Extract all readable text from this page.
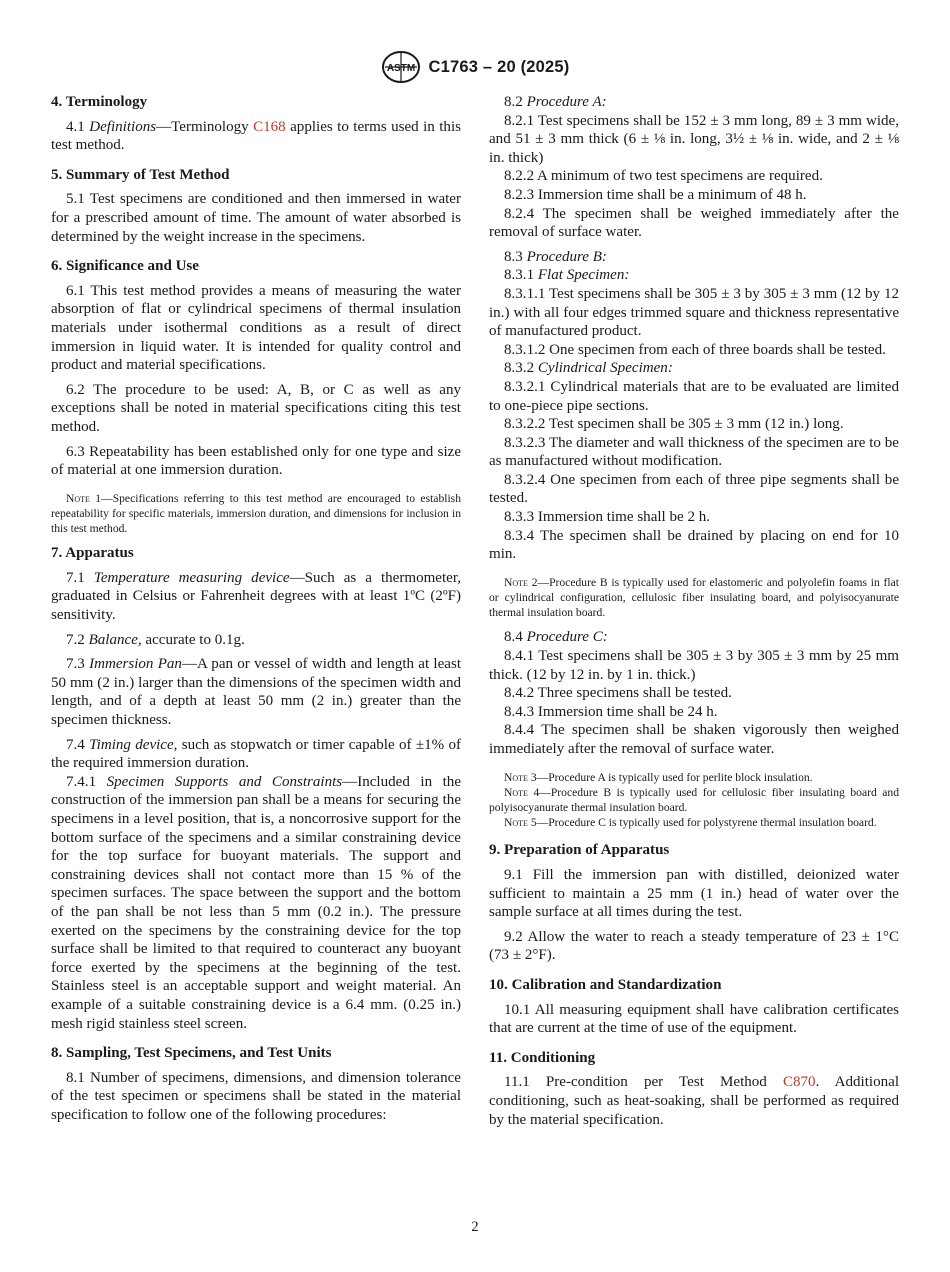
ASTM C1763 – 20 (2025)
4. Terminology

4.1 Definitions—Terminology C168 applies to terms used in this test method.

5. Summary of Test Method

5.1 Test specimens are conditioned and then immersed in water for a prescribed amount of time. The amount of water absorbed is determined by the weight increase in the specimens.

6. Significance and Use

6.1 This test method provides a means of measuring the water absorption of flat or cylindrical specimens of thermal insulation materials under isothermal conditions as a result of direct immersion in liquid water. It is intended for quality control and product and material specifications.

6.2 The procedure to be used: A, B, or C as well as any exceptions shall be noted in material specifications citing this test method.

6.3 Repeatability has been established only for one type and size of material at one immersion duration.

Note 1—Specifications referring to this test method are encouraged to establish repeatability for specific materials, immersion duration, and dimensions for inclusion in this test method.

7. Apparatus

7.1 Temperature measuring device—Such as a thermometer, graduated in Celsius or Fahrenheit degrees with at least 1ºC (2ºF) sensitivity.

7.2 Balance, accurate to 0.1g.

7.3 Immersion Pan—A pan or vessel of width and length at least 50 mm (2 in.) larger than the dimensions of the specimen width and length, and of a depth at least 50 mm (2 in.) greater than the specimen thickness.

7.4 Timing device, such as stopwatch or timer capable of ±1% of the required immersion duration.

7.4.1 Specimen Supports and Constraints—Included in the construction of the immersion pan shall be a means for securing the specimens in a level position, that is, a noncorrosive support for the bottom surface of the specimens and a similar constraining device for the top surface for buoyant materials. The support and constraining devices shall not contact more than 15 % of the specimen surfaces. The space between the support and the bottom of the pan shall be not less than 5 mm (0.2 in.). The pressure exerted on the specimens by the constraining device for the top surface shall be limited to that required to counteract any buoyant force exerted by the specimens at the beginning of the test. Stainless steel is an acceptable support and weight material. An example of a suitable constraining device is a 6.4 mm. (0.25 in.) mesh rigid stainless steel screen.

8. Sampling, Test Specimens, and Test Units

8.1 Number of specimens, dimensions, and dimension tolerance of the test specimen or specimens shall be stated in the material specification to follow one of the following procedures:

8.2 Procedure A:

8.2.1 Test specimens shall be 152 ± 3 mm long, 89 ± 3 mm wide, and 51 ± 3 mm thick (6 ± ⅛ in. long, 3½ ± ⅛ in. wide, and 2 ± ⅛ in. thick)

8.2.2 A minimum of two test specimens are required.

8.2.3 Immersion time shall be a minimum of 48 h.

8.2.4 The specimen shall be weighed immediately after the removal of surface water.

8.3 Procedure B:

8.3.1 Flat Specimen:

8.3.1.1 Test specimens shall be 305 ± 3 by 305 ± 3 mm (12 by 12 in.) with all four edges trimmed square and thickness representative of manufactured product.

8.3.1.2 One specimen from each of three boards shall be tested.

8.3.2 Cylindrical Specimen:

8.3.2.1 Cylindrical materials that are to be evaluated are limited to one-piece pipe sections.

8.3.2.2 Test specimen shall be 305 ± 3 mm (12 in.) long.

8.3.2.3 The diameter and wall thickness of the specimen are to be as manufactured without modification.

8.3.2.4 One specimen from each of three pipe segments shall be tested.

8.3.3 Immersion time shall be 2 h.

8.3.4 The specimen shall be drained by placing on end for 10 min.

Note 2—Procedure B is typically used for elastomeric and polyolefin foams in flat or cylindrical configuration, cellulosic fiber insulating board, and polyisocyanurate thermal insulation board.

8.4 Procedure C:

8.4.1 Test specimens shall be 305 ± 3 by 305 ± 3 mm by 25 mm thick. (12 by 12 in. by 1 in. thick.)

8.4.2 Three specimens shall be tested.

8.4.3 Immersion time shall be 24 h.

8.4.4 The specimen shall be shaken vigorously then weighed immediately after the removal of surface water.

Note 3—Procedure A is typically used for perlite block insulation.

Note 4—Procedure B is typically used for cellulosic fiber insulating board and polyisocyanurate thermal insulation board.

Note 5—Procedure C is typically used for polystyrene thermal insulation board.

9. Preparation of Apparatus

9.1 Fill the immersion pan with distilled, deionized water sufficient to maintain a 25 mm (1 in.) head of water over the sample surface at all times during the test.

9.2 Allow the water to reach a steady temperature of 23 ± 1°C (73 ± 2°F).

10. Calibration and Standardization

10.1 All measuring equipment shall have calibration certificates that are current at the time of use of the equipment.

11. Conditioning

11.1 Pre-condition per Test Method C870. Additional conditioning, such as heat-soaking, shall be performed as required by the material specification.

2
